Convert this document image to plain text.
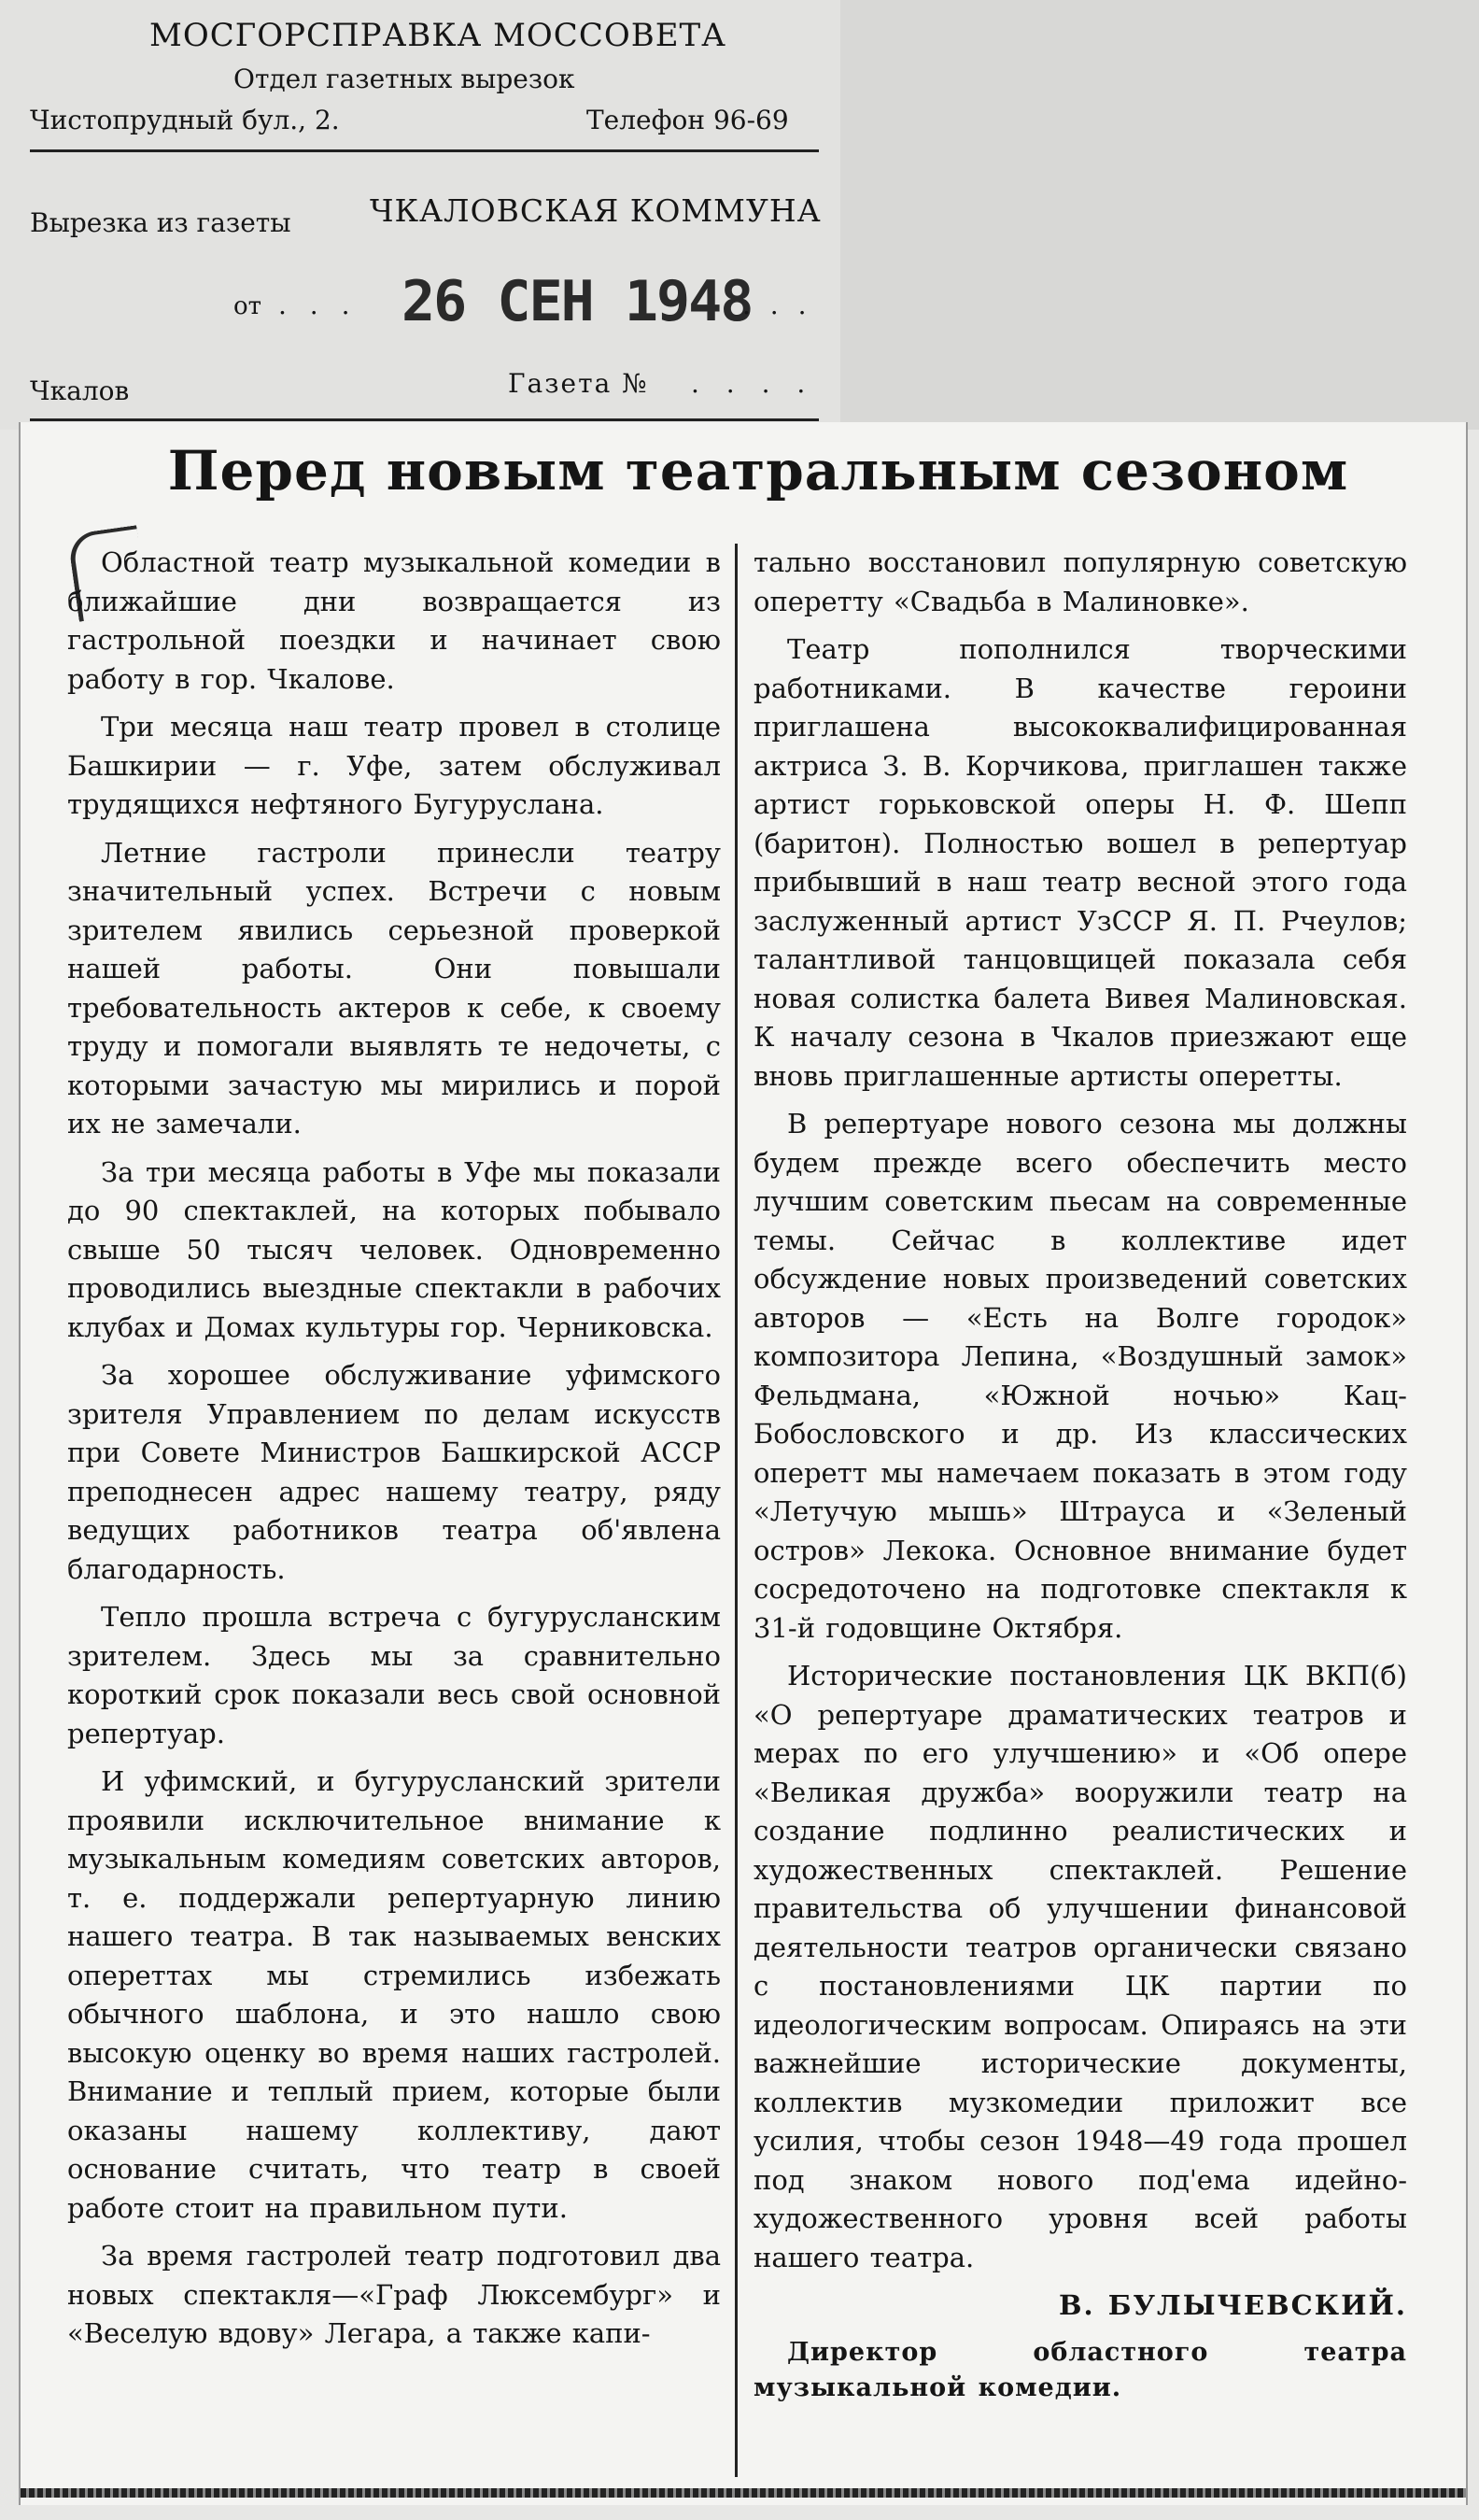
МОСГОРСПРАВКА МОССОВЕТА
Отдел газетных вырезок
Чистопрудный бул., 2.	Телефон 96-69
Вырезка из газеты	ЧКАЛОВСКАЯ КОММУНА
от . . . 26 СЕН 1948
. . .
Чкалов	Газета № . . . .
Перед новым театральным сезоном

Областной театр музыкальной комедии в ближайшие дни возвращается из гастрольной поездки и начинает свою работу в гор. Чкалове.

Три месяца наш театр провел в столице Башкирии — г. Уфе, затем обслуживал трудящихся нефтяного Бугуруслана.

Летние гастроли принесли театру значительный успех. Встречи с новым зрителем явились серьезной проверкой нашей работы. Они повышали требовательность актеров к себе, к своему труду и помогали выявлять те недочеты, с которыми зачастую мы мирились и порой их не замечали.

За три месяца работы в Уфе мы показали до 90 спектаклей, на которых побывало свыше 50 тысяч человек. Одновременно проводились выездные спектакли в рабочих клубах и Домах культуры гор. Черниковска.

За хорошее обслуживание уфимского зрителя Управлением по делам искусств при Совете Министров Башкирской АССР преподнесен адрес нашему театру, ряду ведущих работников театра об'явлена благодарность.

Тепло прошла встреча с бугурусланским зрителем. Здесь мы за сравнительно короткий срок показали весь свой основной репертуар.

И уфимский, и бугурусланский зрители проявили исключительное внимание к музыкальным комедиям советских авторов, т. е. поддержали репертуарную линию нашего театра. В так называемых венских опереттах мы стремились избежать обычного шаблона, и это нашло свою высокую оценку во время наших гастролей. Внимание и теплый прием, которые были оказаны нашему коллективу, дают основание считать, что театр в своей работе стоит на правильном пути.

За время гастролей театр подготовил два новых спектакля—«Граф Люксембург» и «Веселую вдову» Легара, а также капи-

тально восстановил популярную советскую оперетту «Свадьба в Малиновке».

Театр пополнился творческими работниками. В качестве героини приглашена высококвалифицированная актриса З. В. Корчикова, приглашен также артист горьковской оперы Н. Ф. Шепп (баритон). Полностью вошел в репертуар прибывший в наш театр весной этого года заслуженный артист УзССР Я. П. Рчеулов; талантливой танцовщицей показала себя новая солистка балета Вивея Малиновская. К началу сезона в Чкалов приезжают еще вновь приглашенные артисты оперетты.

В репертуаре нового сезона мы должны будем прежде всего обеспечить место лучшим советским пьесам на современные темы. Сейчас в коллективе идет обсуждение новых произведений советских авторов — «Есть на Волге городок» композитора Лепина, «Воздушный замок» Фельдмана, «Южной ночью» Кац-Бобословского и др. Из классических оперетт мы намечаем показать в этом году «Летучую мышь» Штрауса и «Зеленый остров» Лекока. Основное внимание будет сосредоточено на подготовке спектакля к 31-й годовщине Октября.

Исторические постановления ЦК ВКП(б) «О репертуаре драматических театров и мерах по его улучшению» и «Об опере «Великая дружба» вооружили театр на создание подлинно реалистических и художественных спектаклей. Решение правительства об улучшении финансовой деятельности театров органически связано с постановлениями ЦК партии по идеологическим вопросам. Опираясь на эти важнейшие исторические документы, коллектив музкомедии приложит все усилия, чтобы сезон 1948—49 года прошел под знаком нового под'ема идейно-художественного уровня всей работы нашего театра.

В. БУЛЫЧЕВСКИЙ.

Директор областного театра музыкальной комедии.
